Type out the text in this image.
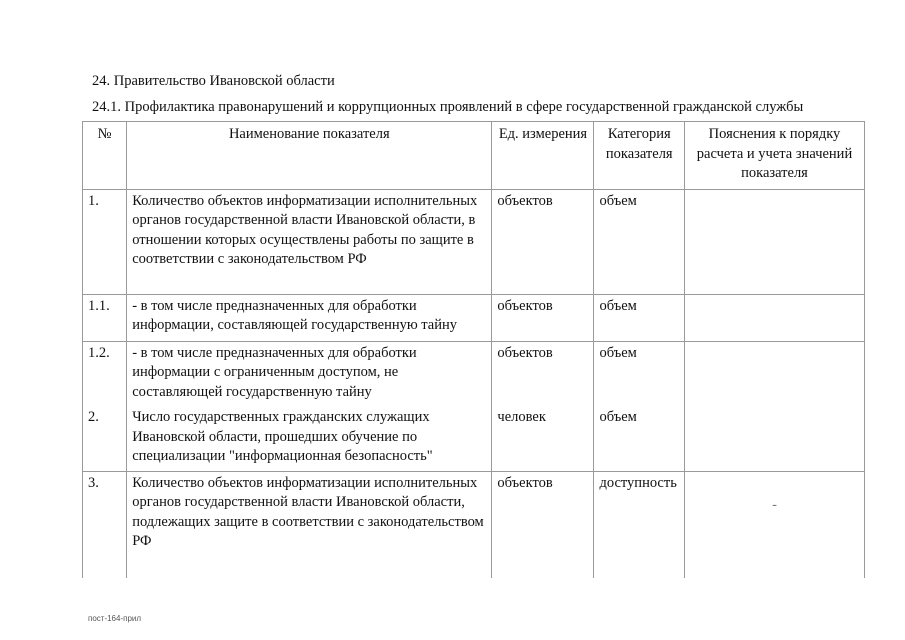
24. Правительство Ивановской области
24.1. Профилактика правонарушений и коррупционных проявлений в сфере государственной гражданской службы
№	Наименование показателя	Ед. измерения	Категория показателя	Пояснения к порядку расчета и учета значений показателя
1.	Количество объектов информатизации исполнительных органов государственной власти Ивановской области, в отношении которых осуществлены работы по защите в соответствии с законодательством РФ	объектов	объем	
1.1.	- в том числе предназначенных для обработки информации, составляющей государственную тайну	объектов	объем	
1.2.	- в том числе предназначенных для обработки информации с ограниченным доступом, не составляющей государственную тайну	объектов	объем	
2.	Число государственных гражданских служащих Ивановской области, прошедших обучение по специализации "информационная безопасность"	человек	объем	
3.	Количество объектов информатизации исполнительных органов государственной власти Ивановской области, подлежащих защите в соответствии с законодательством РФ	объектов	доступность	-
пост-164-прил
